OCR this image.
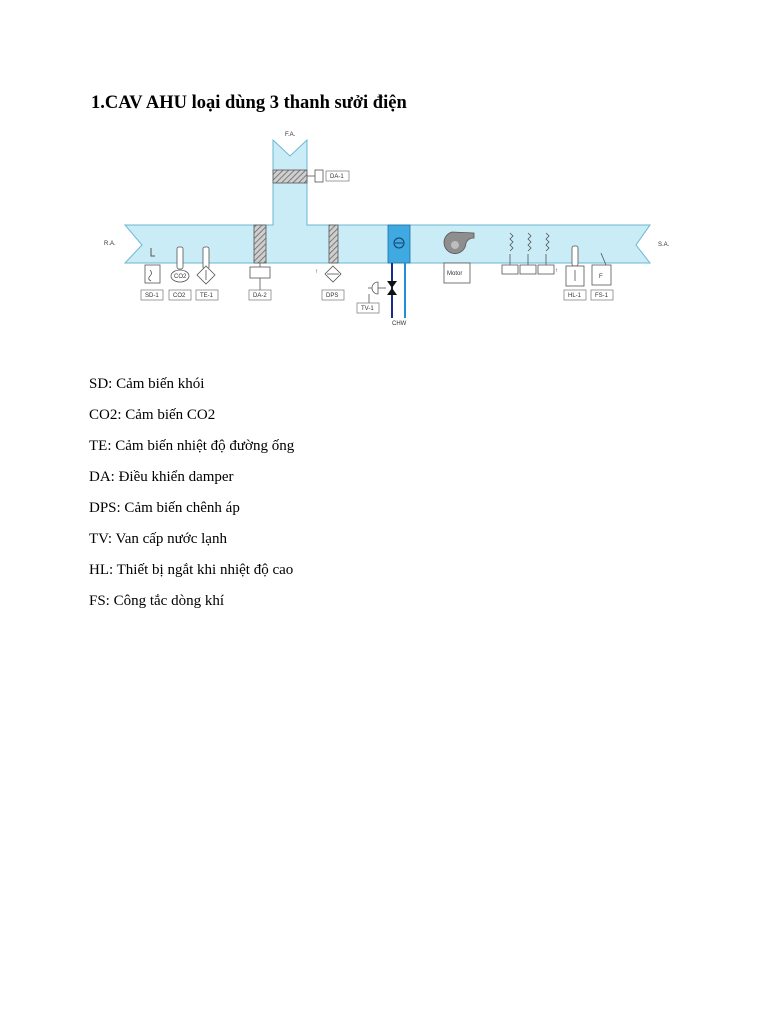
1.CAV AHU loại dùng 3 thanh sưởi điện
F.A.
DA-1
R.A.	S.A.
SD-1
CO2
CO2 TE-1	DA-2
↑
DPS
TV-1
CHW
Motor	↑
HL-1
F
FS-1
SD: Cảm biến khói
CO2: Cảm biến CO2
TE: Cảm biến nhiệt độ đường ống
DA: Điều khiển damper
DPS: Cảm biến chênh áp
TV: Van cấp nước lạnh
HL: Thiết bị ngắt khi nhiệt độ cao
FS: Công tắc dòng khí
